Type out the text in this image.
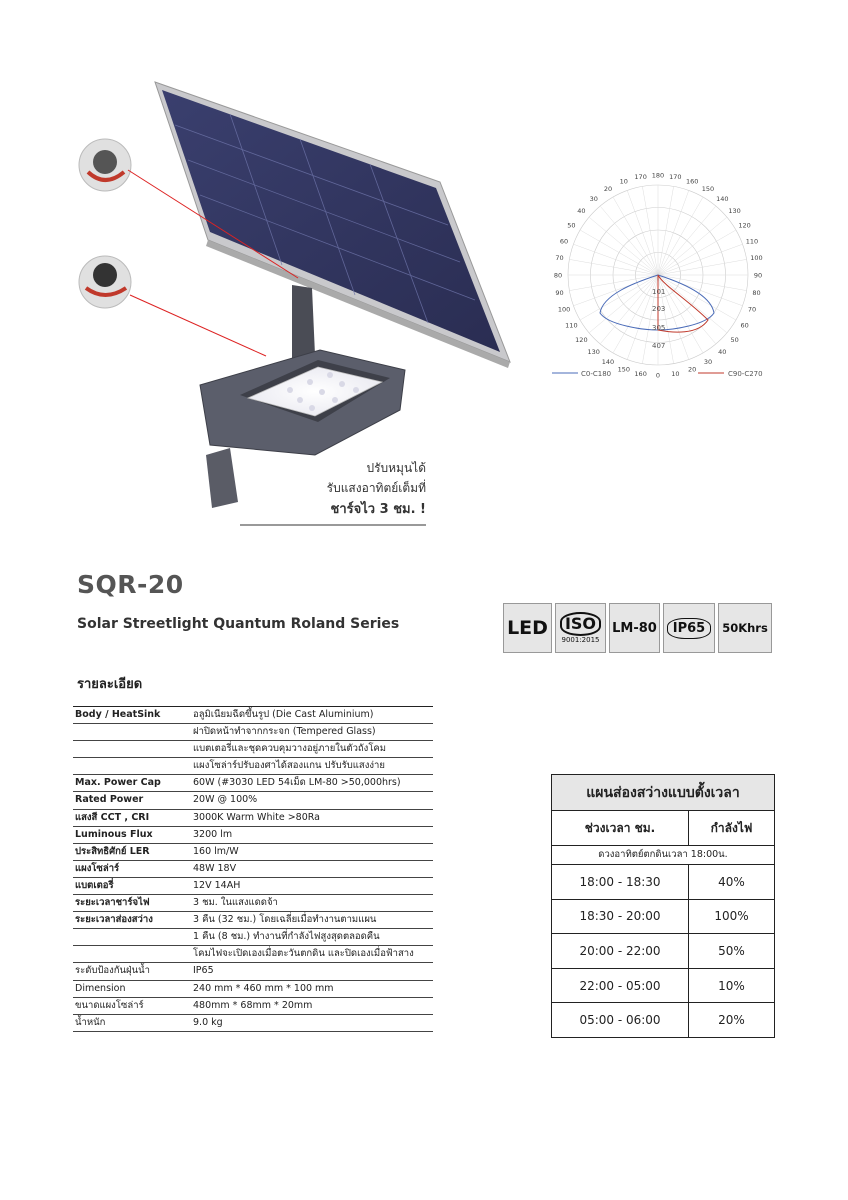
ปรับหมุนได้
รับแสงอาทิตย์เต็มที่
ชาร์จไว 3 ชม. !
160
150
140
130
120
110
100
90
80
70
60
50
40
30
20
10
170 180 170
160
150
140
130
120
110
100
90
80
70
60
50
40
30
20
10
0
101
203
305
407
C0-C180	C90-C270
SQR-20
Solar Streetlight Quantum Roland Series	LED	ISO
9001:2015
LM-80	IP65	50Khrs
รายละเอียด
Body / HeatSink	อลูมิเนียมฉีดขึ้นรูป (Die Cast Aluminium)
ฝาปิดหน้าทำจากกระจก (Tempered Glass)
แบตเตอรี่และชุดควบคุมวางอยู่ภายในตัวถังโคม
แผงโซล่าร์ปรับองศาได้สองแกน ปรับรับแสงง่าย
Max. Power Cap	60W (#3030 LED 54เม็ด LM-80 >50,000hrs)
Rated Power	20W @ 100%
แสงสี CCT , CRI	3000K Warm White >80Ra
Luminous Flux	3200 lm
ประสิทธิศักย์ LER	160 lm/W
แผงโซล่าร์	48W 18V
แบตเตอรี่	12V 14AH
ระยะเวลาชาร์จไฟ	3 ชม. ในแสงแดดจ้า
ระยะเวลาส่องสว่าง	3 คืน (32 ชม.) โดยเฉลี่ยเมื่อทำงานตามแผน
1 คืน (8 ชม.) ทำงานที่กำลังไฟสูงสุดตลอดคืน
โคมไฟจะเปิดเองเมื่อตะวันตกดิน และปิดเองเมื่อฟ้าสาง
ระดับป้องกันฝุ่นน้ำ	IP65
Dimension	240 mm * 460 mm * 100 mm
ขนาดแผงโซล่าร์	480mm * 68mm * 20mm
น้ำหนัก	9.0 kg
แผนส่องสว่างแบบตั้งเวลา
ช่วงเวลา ชม.	กำลังไฟ
ดวงอาทิตย์ตกดินเวลา 18:00น.
18:00 - 18:30	40%
18:30 - 20:00	100%
20:00 - 22:00	50%
22:00 - 05:00	10%
05:00 - 06:00	20%
